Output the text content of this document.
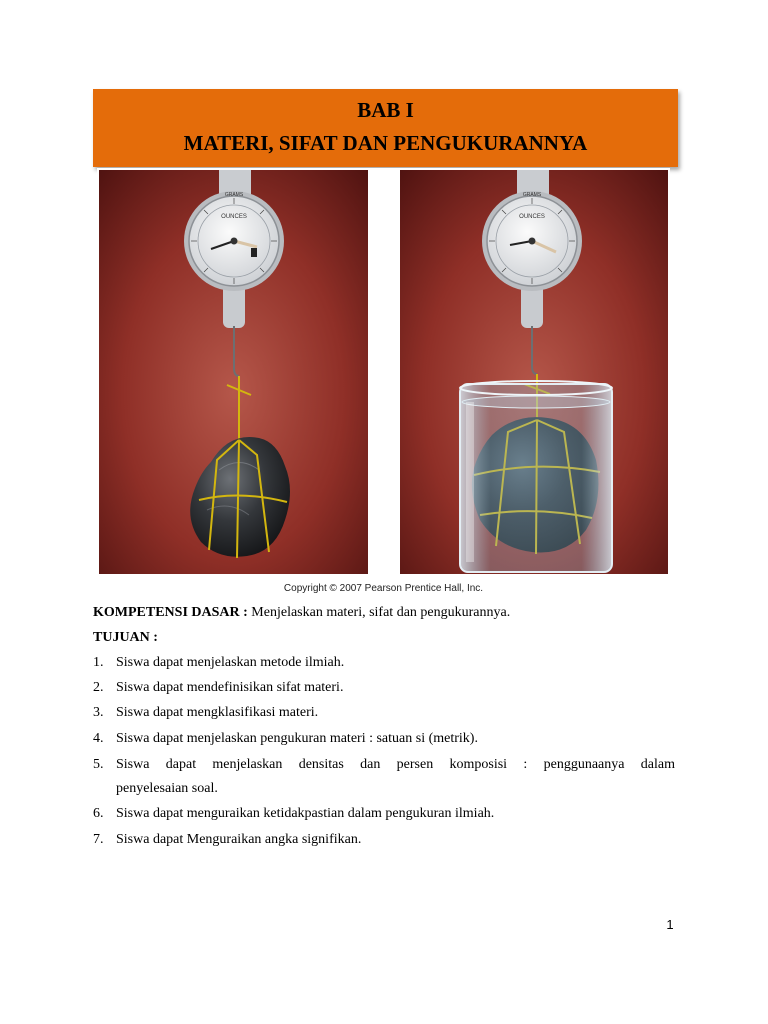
BAB I
MATERI, SIFAT DAN PENGUKURANNYA
GRAMS
OUNCES
GRAMS
OUNCES
Copyright © 2007 Pearson Prentice Hall, Inc.
KOMPETENSI DASAR : Menjelaskan materi, sifat dan pengukurannya.
TUJUAN :
1. Siswa dapat menjelaskan metode ilmiah.
2. Siswa dapat mendefinisikan sifat materi.
3. Siswa dapat mengklasifikasi materi.
4. Siswa dapat menjelaskan pengukuran materi : satuan si (metrik).
5. Siswa dapat menjelaskan densitas dan persen komposisi : penggunaanya dalam
penyelesaian soal.
6. Siswa dapat menguraikan ketidakpastian dalam pengukuran ilmiah.
7. Siswa dapat Menguraikan angka signifikan.
1
